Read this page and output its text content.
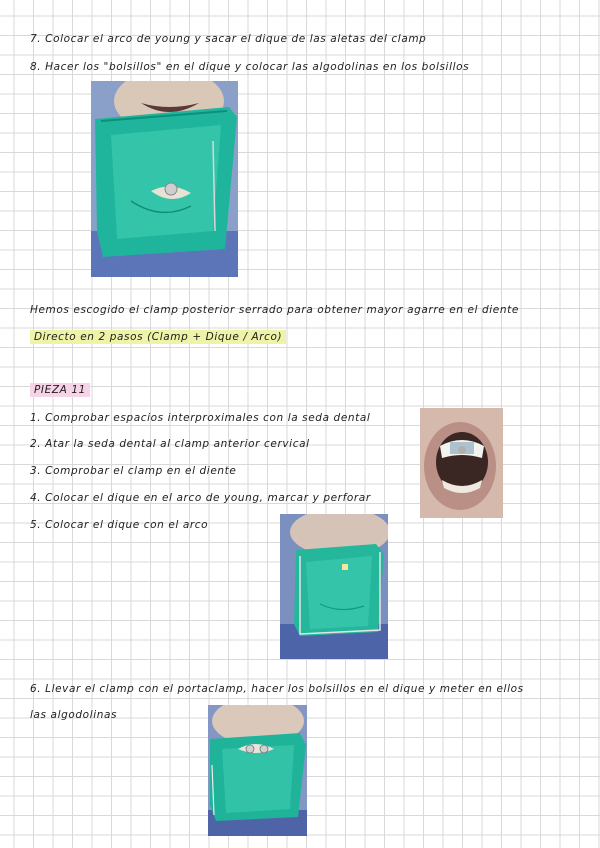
7. Colocar el arco de young y sacar el dique de las aletas del clamp
8. Hacer los "bolsillos" en el dique y colocar las algodolinas en los bolsillos
Hemos escogido el clamp posterior serrado para obtener mayor agarre en el diente
Directo en 2 pasos (Clamp + Dique / Arco)
PIEZA 11
1. Comprobar espacios interproximales con la seda dental
2. Atar la seda dental al clamp anterior cervical
3. Comprobar el clamp en el diente
4. Colocar el dique en el arco de young, marcar y perforar
5. Colocar el dique con el arco
6. Llevar el clamp con el portaclamp, hacer los bolsillos en el dique y meter en ellos
las algodolinas
